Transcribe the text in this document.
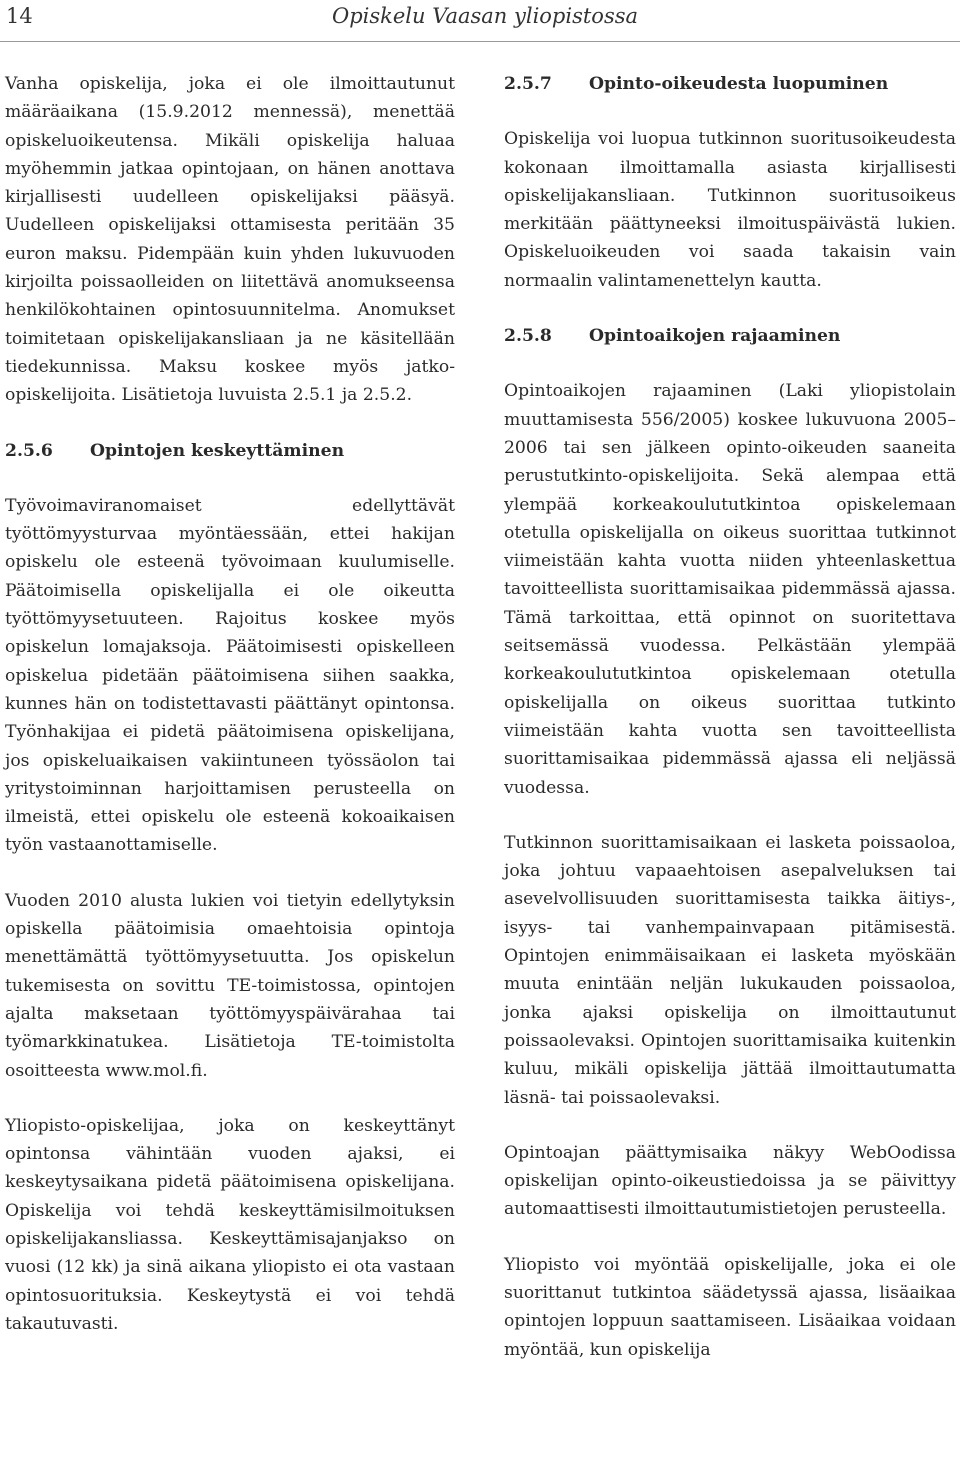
14	Opiskelu Vaasan yliopistossa

Vanha opiskelija, joka ei ole ilmoittautunut määräaikana (15.9.2012 mennessä), menettää opiskeluoikeutensa. Mikäli opiskelija haluaa myöhemmin jatkaa opintojaan, on hänen anottava kirjallisesti uudelleen opiskelijaksi pääsyä. Uudelleen opiskelijaksi ottamisesta peritään 35 euron maksu. Pidempään kuin yhden lukuvuoden kirjoilta poissaolleiden on liitettävä anomukseensa henkilökohtainen opintosuunnitelma. Anomukset toimitetaan opiskelijakansliaan ja ne käsitellään tiedekunnissa. Maksu koskee myös jatko-opiskelijoita. Lisätietoja luvuista 2.5.1 ja 2.5.2.

2.5.6	Opintojen keskeyttäminen

Työvoimaviranomaiset edellyttävät työttömyysturvaa myöntäessään, ettei hakijan opiskelu ole esteenä työvoimaan kuulumiselle. Päätoimisella opiskelijalla ei ole oikeutta työttömyysetuuteen. Rajoitus koskee myös opiskelun lomajaksoja. Päätoimisesti opiskelleen opiskelua pidetään päätoimisena siihen saakka, kunnes hän on todistettavasti päättänyt opintonsa. Työnhakijaa ei pidetä päätoimisena opiskelijana, jos opiskeluaikaisen vakiintuneen työssäolon tai yritystoiminnan harjoittamisen perusteella on ilmeistä, ettei opiskelu ole esteenä kokoaikaisen työn vastaanottamiselle.

Vuoden 2010 alusta lukien voi tietyin edellytyksin opiskella päätoimisia omaehtoisia opintoja menettämättä työttömyysetuutta. Jos opiskelun tukemisesta on sovittu TE-toimistossa, opintojen ajalta maksetaan työttömyyspäivärahaa tai työmarkkinatukea. Lisätietoja TE-toimistolta osoitteesta www.mol.fi.

Yliopisto-opiskelijaa, joka on keskeyttänyt opintonsa vähintään vuoden ajaksi, ei keskeytysaikana pidetä päätoimisena opiskelijana. Opiskelija voi tehdä keskeyttämisilmoituksen opiskelijakansliassa. Keskeyttämisajanjakso on vuosi (12 kk) ja sinä aikana yliopisto ei ota vastaan opintosuorituksia. Keskeytystä ei voi tehdä takautuvasti.

2.5.7	Opinto-oikeudesta luopuminen

Opiskelija voi luopua tutkinnon suoritusoikeudesta kokonaan ilmoittamalla asiasta kirjallisesti opiskelijakansliaan. Tutkinnon suoritusoikeus merkitään päättyneeksi ilmoituspäivästä lukien. Opiskeluoikeuden voi saada takaisin vain normaalin valintamenettelyn kautta.

2.5.8	Opintoaikojen rajaaminen

Opintoaikojen rajaaminen (Laki yliopistolain muuttamisesta 556/2005) koskee lukuvuona 2005–2006 tai sen jälkeen opinto-oikeuden saaneita perustutkinto-opiskelijoita. Sekä alempaa että ylempää korkeakoulututkintoa opiskelemaan otetulla opiskelijalla on oikeus suorittaa tutkinnot viimeistään kahta vuotta niiden yhteenlaskettua tavoitteellista suorittamisaikaa pidemmässä ajassa. Tämä tarkoittaa, että opinnot on suoritettava seitsemässä vuodessa. Pelkästään ylempää korkeakoulututkintoa opiskelemaan otetulla opiskelijalla on oikeus suorittaa tutkinto viimeistään kahta vuotta sen tavoitteellista suorittamisaikaa pidemmässä ajassa eli neljässä vuodessa.

Tutkinnon suorittamisaikaan ei lasketa poissaoloa, joka johtuu vapaaehtoisen asepalveluksen tai asevelvollisuuden suorittamisesta taikka äitiys-, isyys- tai vanhempainvapaan pitämisestä. Opintojen enimmäisaikaan ei lasketa myöskään muuta enintään neljän lukukauden poissaoloa, jonka ajaksi opiskelija on ilmoittautunut poissaolevaksi. Opintojen suorittamisaika kuitenkin kuluu, mikäli opiskelija jättää ilmoittautumatta läsnä- tai poissaolevaksi.

Opintoajan päättymisaika näkyy WebOodissa opiskelijan opinto-oikeustiedoissa ja se päivittyy automaattisesti ilmoittautumistietojen perusteella.

Yliopisto voi myöntää opiskelijalle, joka ei ole suorittanut tutkintoa säädetyssä ajassa, lisäaikaa opintojen loppuun saattamiseen. Lisäaikaa voidaan myöntää, kun opiskelija
